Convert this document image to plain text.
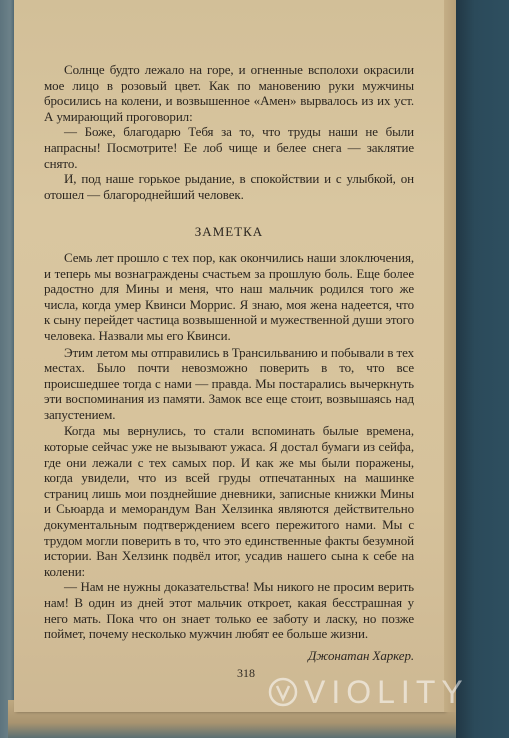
Солнце будто лежало на горе, и огненные всполохи окрасили мое лицо в розовый цвет. Как по мановению руки мужчины бросились на колени, и возвышенное «Амен» вырвалось из их уст. А умирающий проговорил:

— Боже, благодарю Тебя за то, что труды наши не были напрасны! Посмотрите! Ее лоб чище и белее снега — заклятие снято.

И, под наше горькое рыдание, в спокойствии и с улыбкой, он отошел — благороднейший человек.

ЗАМЕТКА

Семь лет прошло с тех пор, как окончились наши злоключения, и теперь мы вознаграждены счастьем за прошлую боль. Еще более радостно для Мины и меня, что наш мальчик родился того же числа, когда умер Квинси Моррис. Я знаю, моя жена надеется, что к сыну перейдет частица возвышенной и мужественной души этого человека. Назвали мы его Квинси.

Этим летом мы отправились в Трансильванию и побывали в тех местах. Было почти невозможно поверить в то, что все происшедшее тогда с нами — правда. Мы постарались вычеркнуть эти воспоминания из памяти. Замок все еще стоит, возвышаясь над запустением.

Когда мы вернулись, то стали вспоминать былые времена, которые сейчас уже не вызывают ужаса. Я достал бумаги из сейфа, где они лежали с тех самых пор. И как же мы были поражены, когда увидели, что из всей груды отпечатанных на машинке страниц лишь мои позднейшие дневники, записные книжки Мины и Сьюарда и меморандум Ван Хелзинка являются действительно документальным подтверждением всего пережитого нами. Мы с трудом могли поверить в то, что это единственные факты безумной истории. Ван Хелзинк подвёл итог, усадив нашего сына к себе на колени:

— Нам не нужны доказательства! Мы никого не просим верить нам! В один из дней этот мальчик откроет, какая бесстрашная у него мать. Пока что он знает только ее заботу и ласку, но позже поймет, почему несколько мужчин любят ее больше жизни.

Джонатан Харкер.

318
VIOLITY
